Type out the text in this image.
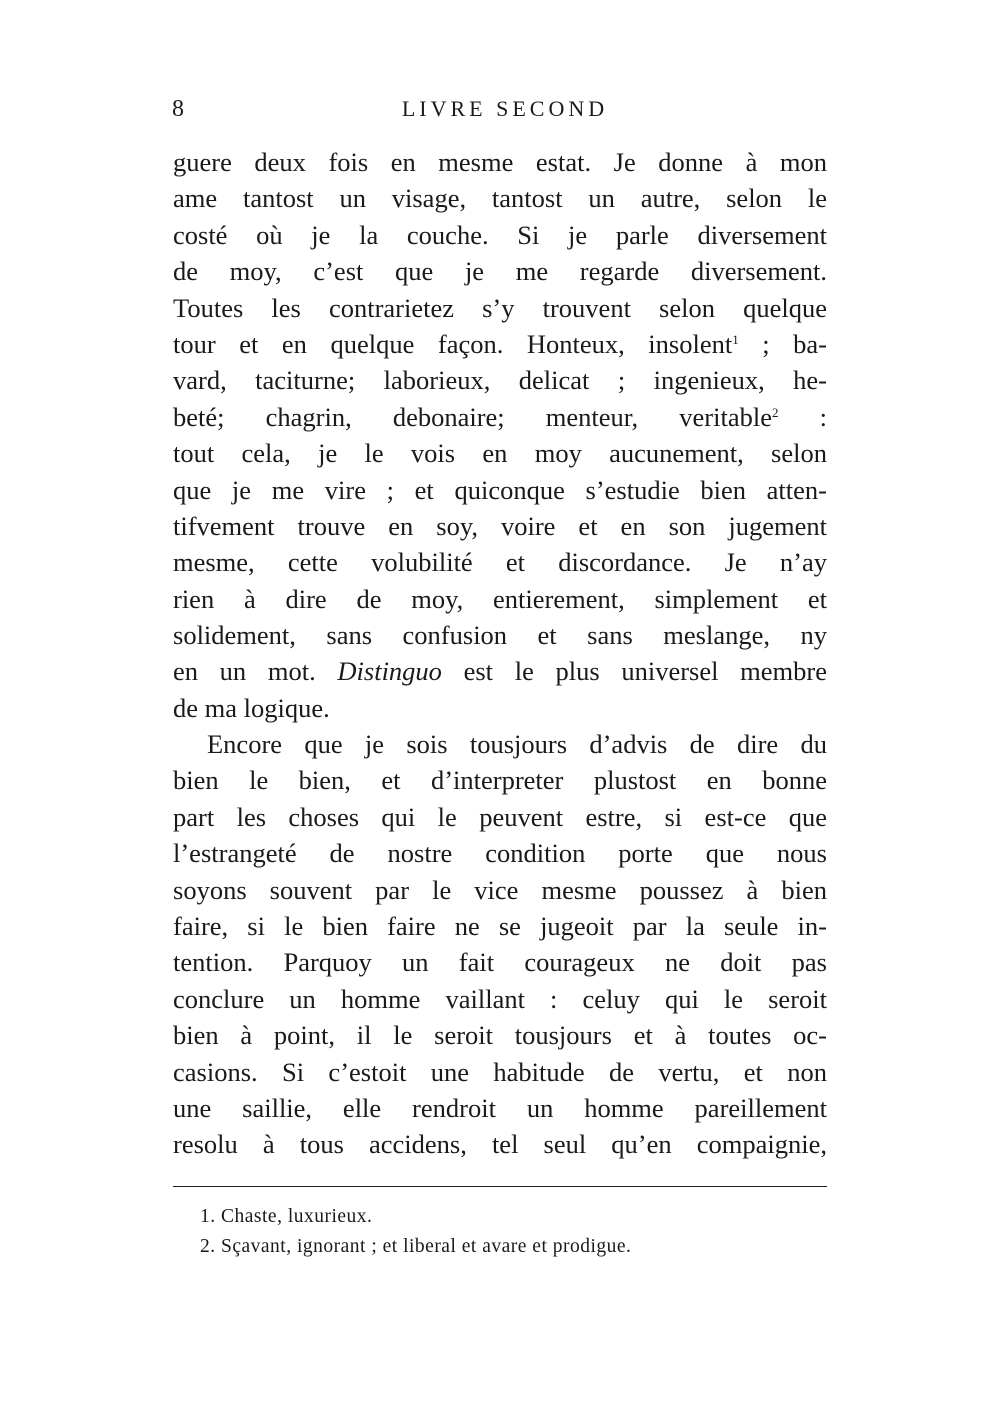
8	LIVRE SECOND
guere deux fois en mesme estat. Je donne à mon
ame tantost un visage, tantost un autre, selon le
costé où je la couche. Si je parle diversement
de moy, c’est que je me regarde diversement.
Toutes les contrarietez s’y trouvent selon quelque
tour et en quelque façon. Honteux, insolent$^1$ ; ba-
vard, taciturne; laborieux, delicat ; ingenieux, he-
beté; chagrin, debonaire; menteur, veritable$^2$ :
tout cela, je le vois en moy aucunement, selon
que je me vire ; et quiconque s’estudie bien atten-
tifvement trouve en soy, voire et en son jugement
mesme, cette volubilité et discordance. Je n’ay
rien à dire de moy, entierement, simplement et
solidement, sans confusion et sans meslange, ny
en un mot. Distinguo est le plus universel membre
de ma logique.
Encore que je sois tousjours d’advis de dire du
bien le bien, et d’interpreter plustost en bonne
part les choses qui le peuvent estre, si est-ce que
l’estrangeté de nostre condition porte que nous
soyons souvent par le vice mesme poussez à bien
faire, si le bien faire ne se jugeoit par la seule in-
tention. Parquoy un fait courageux ne doit pas
conclure un homme vaillant : celuy qui le seroit
bien à point, il le seroit tousjours et à toutes oc-
casions. Si c’estoit une habitude de vertu, et non
une saillie, elle rendroit un homme pareillement
resolu à tous accidens, tel seul qu’en compaignie,
1. Chaste, luxurieux.
2. Sçavant, ignorant ; et liberal et avare et prodigue.
